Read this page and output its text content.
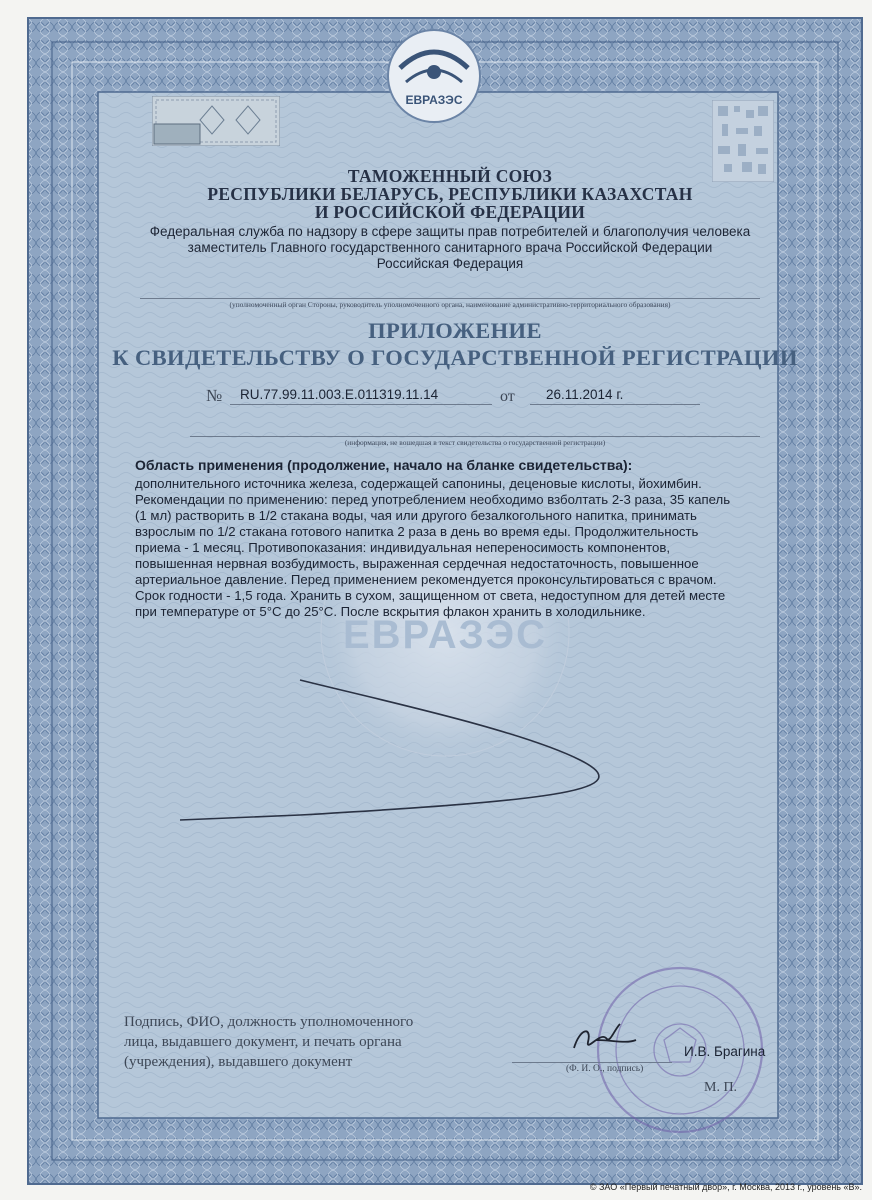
ЕВРАЗЭС
ЕВРАЗЭС
ТАМОЖЕННЫЙ СОЮЗ
РЕСПУБЛИКИ БЕЛАРУСЬ, РЕСПУБЛИКИ КАЗАХСТАН
И РОССИЙСКОЙ ФЕДЕРАЦИИ
Федеральная служба по надзору в сфере защиты прав потребителей и благополучия человека
заместитель Главного государственного санитарного врача Российской Федерации
Российская Федерация
(уполномоченный орган Стороны, руководитель уполномоченного органа, наименование административно-территориального образования)
ПРИЛОЖЕНИЕ
К СВИДЕТЕЛЬСТВУ О ГОСУДАРСТВЕННОЙ РЕГИСТРАЦИИ
№ RU.77.99.11.003.Е.011319.11.14	от 26.11.2014 г.
(информация, не вошедшая в текст свидетельства о государственной регистрации)
Область применения (продолжение, начало на бланке свидетельства):
дополнительного источника железа, содержащей сапонины, деценовые кислоты, йохимбин.
Рекомендации по применению: перед употреблением необходимо взболтать 2-3 раза, 35 капель
(1 мл) растворить в 1/2 стакана воды, чая или другого безалкогольного напитка, принимать
взрослым по 1/2 стакана готового напитка 2 раза в день во время еды. Продолжительность
приема - 1 месяц. Противопоказания: индивидуальная непереносимость компонентов,
повышенная нервная возбудимость, выраженная сердечная недостаточность, повышенное
артериальное давление. Перед применением рекомендуется проконсультироваться с врачом.
Срок годности - 1,5 года. Хранить в сухом, защищенном от света, недоступном для детей месте
при температуре от 5°С до 25°С. После вскрытия флакон хранить в холодильнике.
Подпись, ФИО, должность уполномоченного
лица, выдавшего документ, и печать органа
(учреждения), выдавшего документ
И.В. Брагина
(Ф. И. О., подпись)
М. П.
© ЗАО «Первый печатный двор», г. Москва, 2013 г., уровень «В».
